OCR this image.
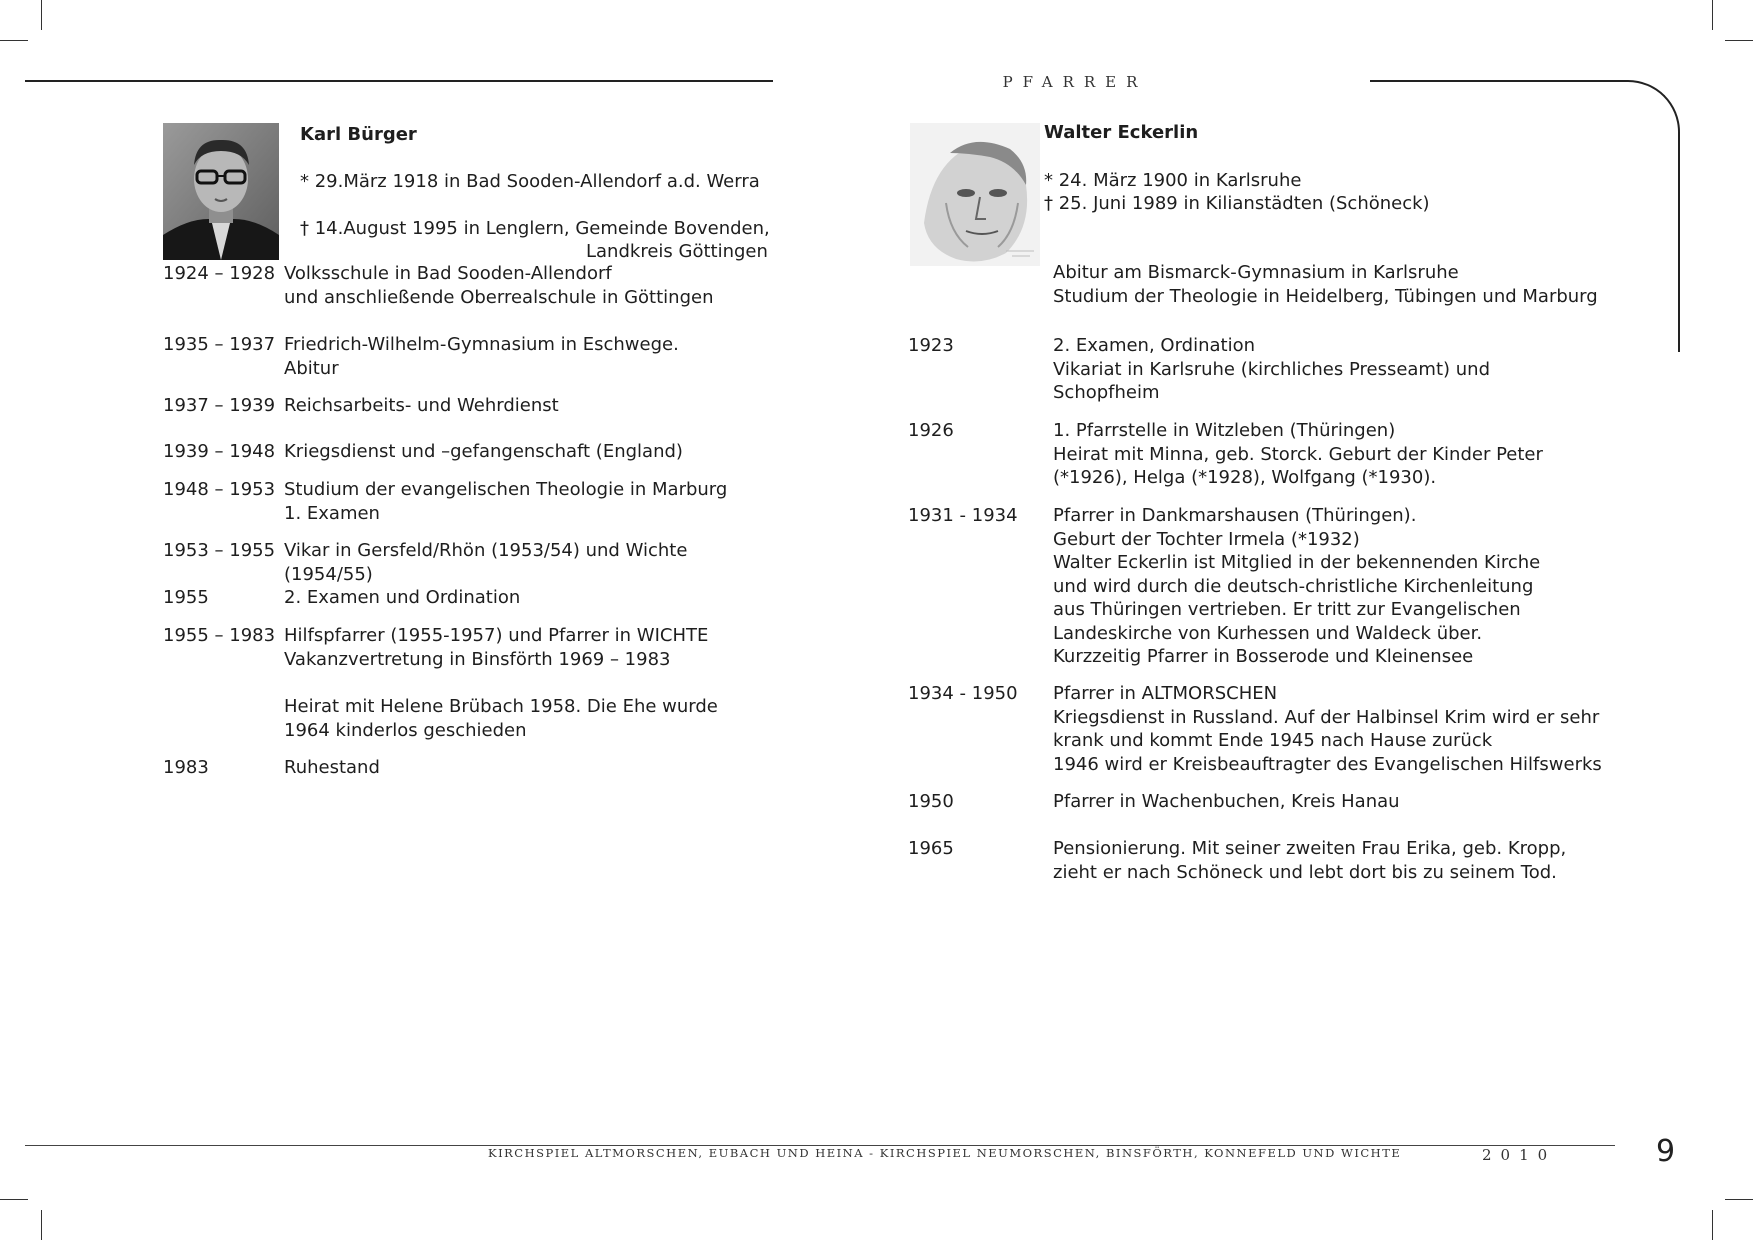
PFARRER
Karl Bürger
* 29.März 1918 in Bad Sooden-Allendorf a.d. Werra
† 14.August 1995 in Lenglern, Gemeinde Bovenden,
Landkreis Göttingen
1924 – 1928 Volksschule in Bad Sooden-Allendorf
und anschließende Oberrealschule in Göttingen
1935 – 1937 Friedrich-Wilhelm-Gymnasium in Eschwege.
Abitur
1937 – 1939 Reichsarbeits- und Wehrdienst
1939 – 1948 Kriegsdienst und –gefangenschaft (England)
1948 – 1953 Studium der evangelischen Theologie in Marburg
1. Examen
1953 – 1955 Vikar in Gersfeld/Rhön (1953/54) und Wichte
(1954/55)
1955	2. Examen und Ordination
1955 – 1983 Hilfspfarrer (1955-1957) und Pfarrer in WICHTE
Vakanzvertretung in Binsförth 1969 – 1983
Heirat mit Helene Brübach 1958. Die Ehe wurde
1964 kinderlos geschieden
1983	Ruhestand
Walter Eckerlin
* 24. März 1900 in Karlsruhe
† 25. Juni 1989 in Kilianstädten (Schöneck)
Abitur am Bismarck-Gymnasium in Karlsruhe
Studium der Theologie in Heidelberg, Tübingen und Marburg
1923	2. Examen, Ordination
Vikariat in Karlsruhe (kirchliches Presseamt) und
Schopfheim
1926	1. Pfarrstelle in Witzleben (Thüringen)
Heirat mit Minna, geb. Storck. Geburt der Kinder Peter
(*1926), Helga (*1928), Wolfgang (*1930).
1931 - 1934 Pfarrer in Dankmarshausen (Thüringen).
Geburt der Tochter Irmela (*1932)
Walter Eckerlin ist Mitglied in der bekennenden Kirche
und wird durch die deutsch-christliche Kirchenleitung
aus Thüringen vertrieben. Er tritt zur Evangelischen
Landeskirche von Kurhessen und Waldeck über.
Kurzzeitig Pfarrer in Bosserode und Kleinensee
1934 - 1950 Pfarrer in ALTMORSCHEN
Kriegsdienst in Russland. Auf der Halbinsel Krim wird er sehr
krank und kommt Ende 1945 nach Hause zurück
1946 wird er Kreisbeauftragter des Evangelischen Hilfswerks
1950	Pfarrer in Wachenbuchen, Kreis Hanau
1965	Pensionierung. Mit seiner zweiten Frau Erika, geb. Kropp,
zieht er nach Schöneck und lebt dort bis zu seinem Tod.
KIRCHSPIEL ALTMORSCHEN, EUBACH UND HEINA - KIRCHSPIEL NEUMORSCHEN, BINSFÖRTH, KONNEFELD UND WICHTE	2010	9
